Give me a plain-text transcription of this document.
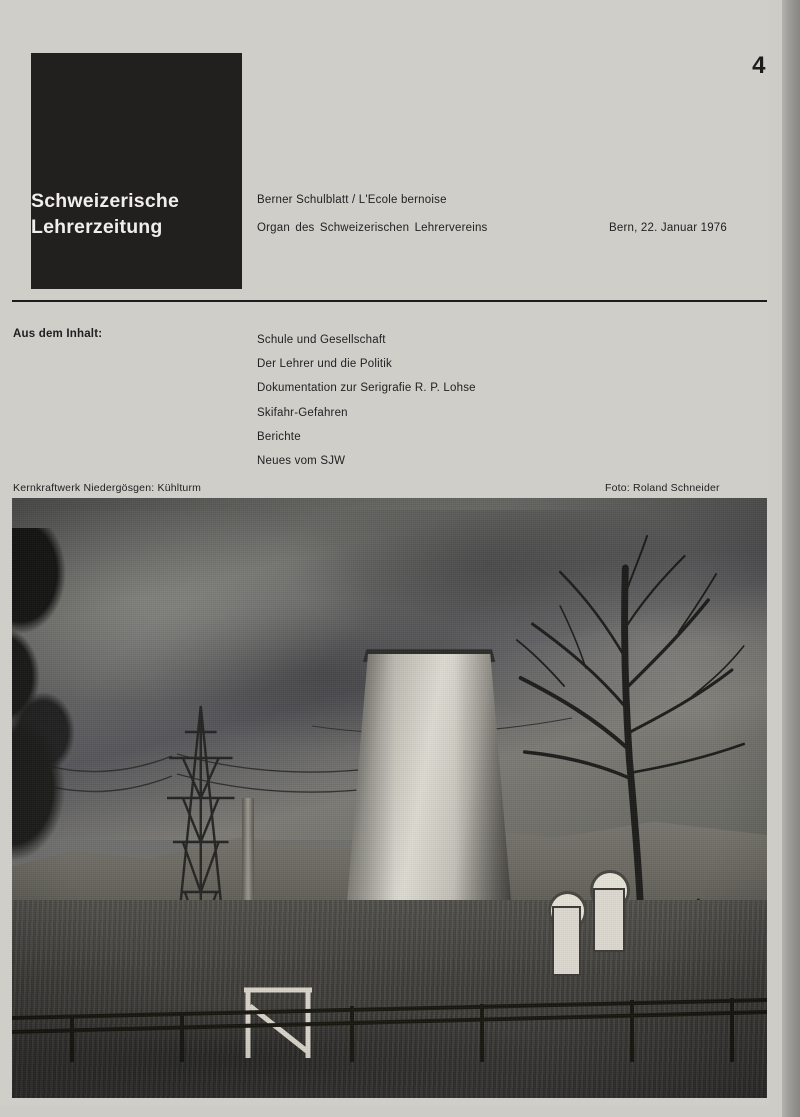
Schweizerische
Lehrerzeitung
4
Berner Schulblatt / L'Ecole bernoise
Organ des Schweizerischen Lehrervereins	Bern, 22. Januar 1976
Aus dem Inhalt:	Schule und Gesellschaft
Der Lehrer und die Politik
Dokumentation zur Serigrafie R. P. Lohse
Skifahr-Gefahren
Berichte
Neues vom SJW
Kernkraftwerk Niedergösgen: Kühlturm	Foto: Roland Schneider
